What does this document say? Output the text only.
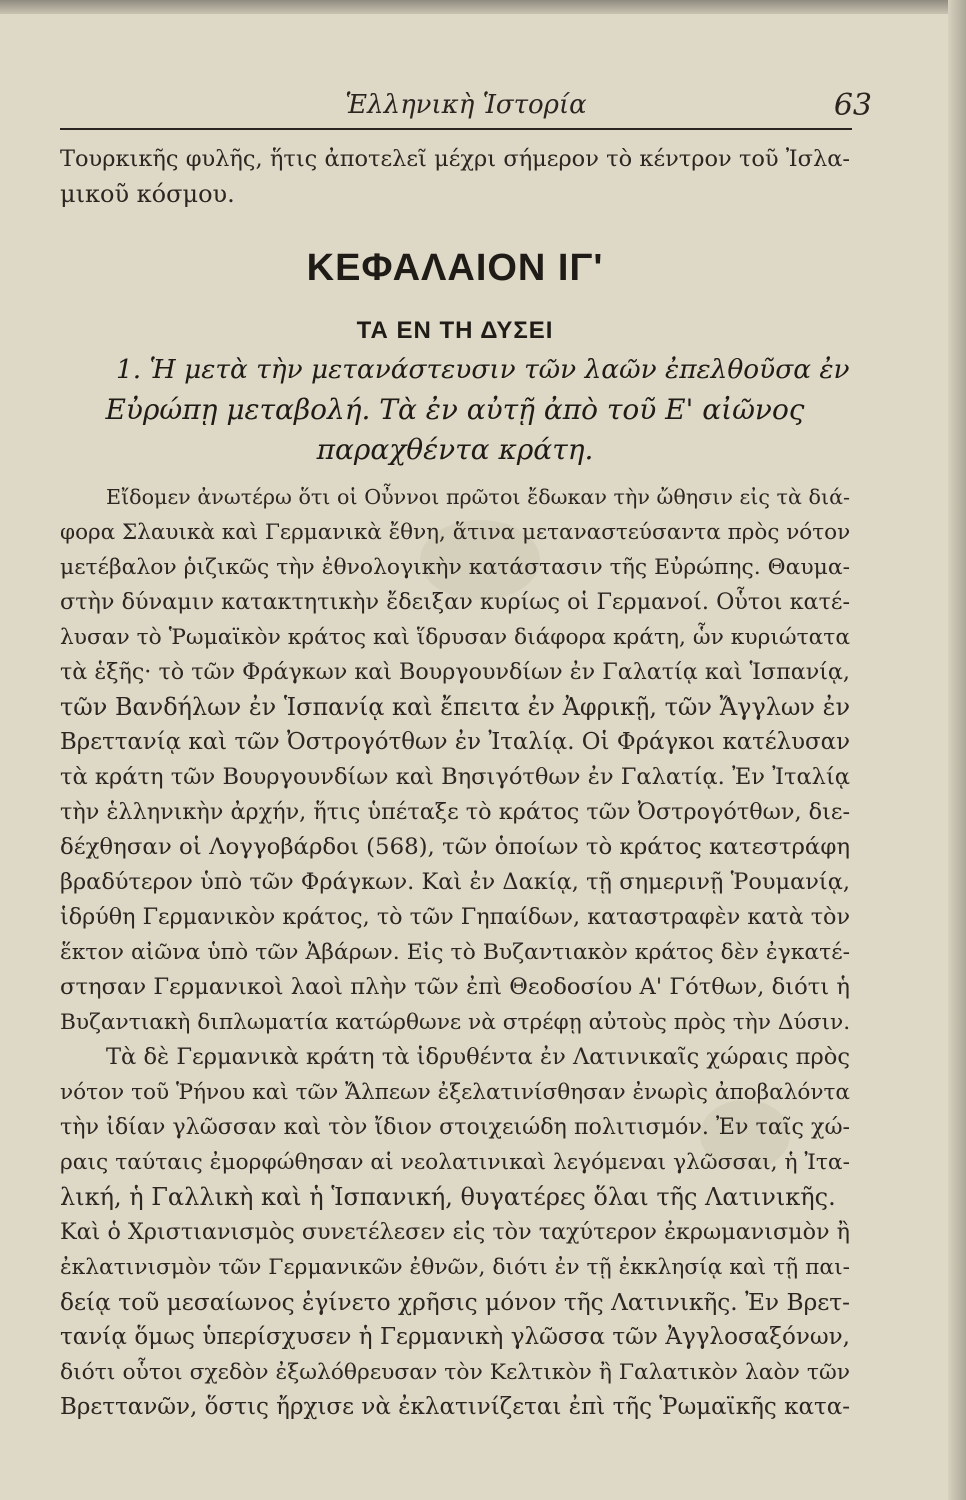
Ἑλληνικὴ Ἱστορία	63

Τουρκικῆς φυλῆς, ἥτις ἀποτελεῖ μέχρι σήμερον τὸ κέντρον τοῦ Ἰσλα-

μικοῦ κόσμου.

ΚΕΦΑΛΑΙΟΝ ΙΓ'
ΤΑ ΕΝ ΤΗ ΔΥΣΕΙ

1. Ἡ μετὰ τὴν μετανάστευσιν τῶν λαῶν ἐπελθοῦσα ἐν

Εὐρώπῃ μεταβολή. Τὰ ἐν αὐτῇ ἀπὸ τοῦ Ε' αἰῶνος

παραχθέντα κράτη.

Εἴδομεν ἀνωτέρω ὅτι οἱ Οὖννοι πρῶτοι ἔδωκαν τὴν ὤθησιν εἰς τὰ διά-

φορα Σλαυικὰ καὶ Γερμανικὰ ἔθνη, ἅτινα μεταναστεύσαντα πρὸς νότον

μετέβαλον ῥιζικῶς τὴν ἐθνολογικὴν κατάστασιν τῆς Εὐρώπης. Θαυμα-

στὴν δύναμιν κατακτητικὴν ἔδειξαν κυρίως οἱ Γερμανοί. Οὗτοι κατέ-

λυσαν τὸ Ῥωμαϊκὸν κράτος καὶ ἵδρυσαν διάφορα κράτη, ὧν κυριώτατα

τὰ ἑξῆς· τὸ τῶν Φράγκων καὶ Βουργουνδίων ἐν Γαλατίᾳ καὶ Ἱσπανίᾳ,

τῶν Βανδήλων ἐν Ἱσπανίᾳ καὶ ἔπειτα ἐν Ἀφρικῇ, τῶν Ἄγγλων ἐν

Βρεττανίᾳ καὶ τῶν Ὀστρογότθων ἐν Ἰταλίᾳ. Οἱ Φράγκοι κατέλυσαν

τὰ κράτη τῶν Βουργουνδίων καὶ Βησιγότθων ἐν Γαλατίᾳ. Ἐν Ἰταλίᾳ

τὴν ἑλληνικὴν ἀρχήν, ἥτις ὑπέταξε τὸ κράτος τῶν Ὀστρογότθων, διε-

δέχθησαν οἱ Λογγοβάρδοι (568), τῶν ὁποίων τὸ κράτος κατεστράφη

βραδύτερον ὑπὸ τῶν Φράγκων. Καὶ ἐν Δακίᾳ, τῇ σημερινῇ Ῥουμανίᾳ,

ἱδρύθη Γερμανικὸν κράτος, τὸ τῶν Γηπαίδων, καταστραφὲν κατὰ τὸν

ἕκτον αἰῶνα ὑπὸ τῶν Ἀβάρων. Εἰς τὸ Βυζαντιακὸν κράτος δὲν ἐγκατέ-

στησαν Γερμανικοὶ λαοὶ πλὴν τῶν ἐπὶ Θεοδοσίου Α' Γότθων, διότι ἡ

Βυζαντιακὴ διπλωματία κατώρθωνε νὰ στρέφῃ αὐτοὺς πρὸς τὴν Δύσιν.

Τὰ δὲ Γερμανικὰ κράτη τὰ ἱδρυθέντα ἐν Λατινικαῖς χώραις πρὸς

νότον τοῦ Ῥήνου καὶ τῶν Ἄλπεων ἐξελατινίσθησαν ἐνωρὶς ἀποβαλόντα

τὴν ἰδίαν γλῶσσαν καὶ τὸν ἴδιον στοιχειώδη πολιτισμόν. Ἐν ταῖς χώ-

ραις ταύταις ἐμορφώθησαν αἱ νεολατινικαὶ λεγόμεναι γλῶσσαι, ἡ Ἰτα-

λική, ἡ Γαλλικὴ καὶ ἡ Ἱσπανική, θυγατέρες ὅλαι τῆς Λατινικῆς.

Καὶ ὁ Χριστιανισμὸς συνετέλεσεν εἰς τὸν ταχύτερον ἐκρωμανισμὸν ἢ

ἐκλατινισμὸν τῶν Γερμανικῶν ἐθνῶν, διότι ἐν τῇ ἐκκλησίᾳ καὶ τῇ παι-

δείᾳ τοῦ μεσαίωνος ἐγίνετο χρῆσις μόνον τῆς Λατινικῆς. Ἐν Βρετ-

τανίᾳ ὅμως ὑπερίσχυσεν ἡ Γερμανικὴ γλῶσσα τῶν Ἀγγλοσαξόνων,

διότι οὗτοι σχεδὸν ἐξωλόθρευσαν τὸν Κελτικὸν ἢ Γαλατικὸν λαὸν τῶν

Βρεττανῶν, ὅστις ἤρχισε νὰ ἐκλατινίζεται ἐπὶ τῆς Ῥωμαϊκῆς κατα-
